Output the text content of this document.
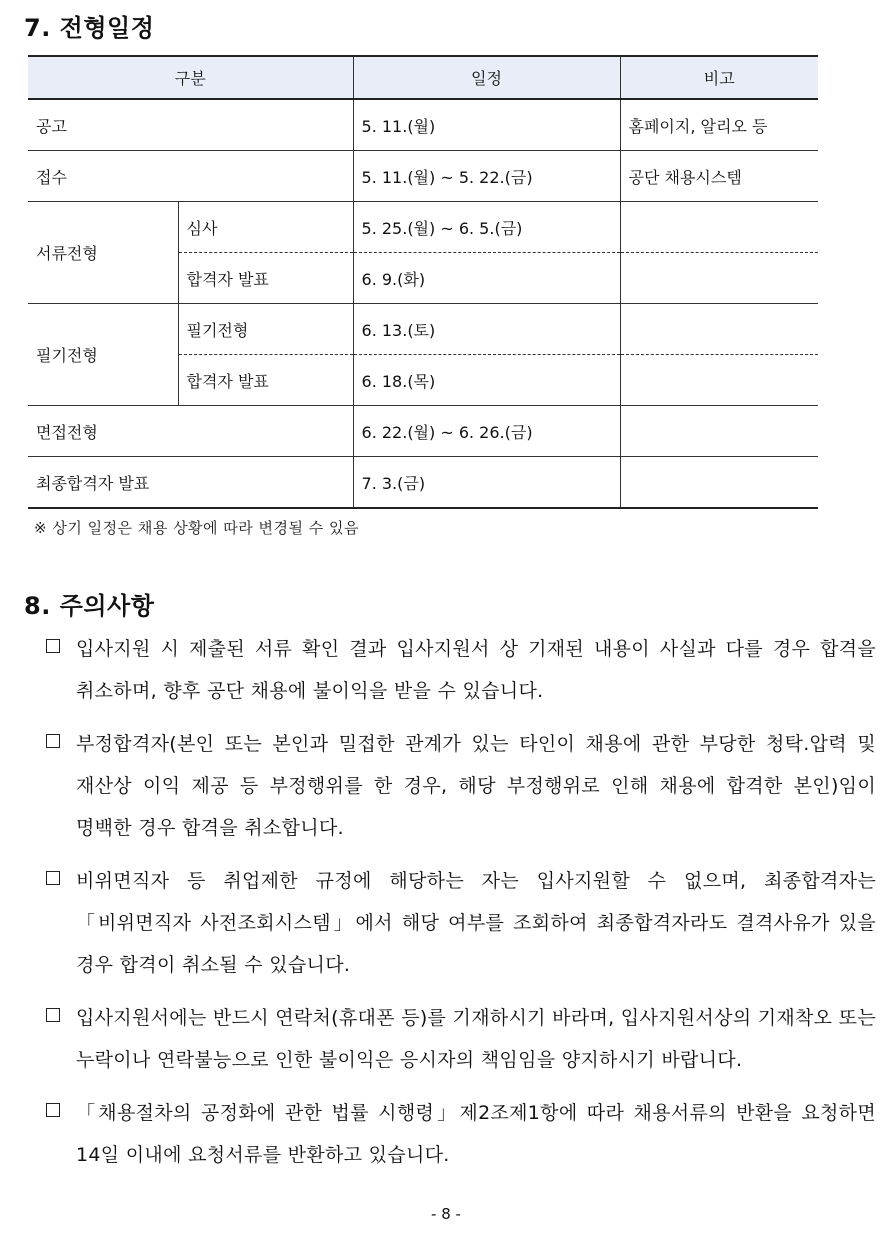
7. 전형일정
구분		일정	비고
공고		5. 11.(월)	홈페이지, 알리오 등
접수		5. 11.(월) ~ 5. 22.(금)	공단 채용시스템
서류전형	심사	5. 25.(월) ~ 6. 5.(금)	
	합격자 발표	6. 9.(화)	
필기전형	필기전형	6. 13.(토)	
	합격자 발표	6. 18.(목)	
면접전형		6. 22.(월) ~ 6. 26.(금)	
최종합격자 발표		7. 3.(금)	
※ 상기 일정은 채용 상황에 따라 변경될 수 있음
8. 주의사항
입사지원 시 제출된 서류 확인 결과 입사지원서 상 기재된 내용이 사실과 다를 경우 합격을 취소하며, 향후 공단 채용에 불이익을 받을 수 있습니다.
부정합격자(본인 또는 본인과 밀접한 관계가 있는 타인이 채용에 관한 부당한 청탁.압력 및 재산상 이익 제공 등 부정행위를 한 경우, 해당 부정행위로 인해 채용에 합격한 본인)임이 명백한 경우 합격을 취소합니다.
비위면직자 등 취업제한 규정에 해당하는 자는 입사지원할 수 없으며, 최종합격자는 「비위면직자 사전조회시스템」에서 해당 여부를 조회하여 최종합격자라도 결격사유가 있을 경우 합격이 취소될 수 있습니다.
입사지원서에는 반드시 연락처(휴대폰 등)를 기재하시기 바라며, 입사지원서상의 기재착오 또는 누락이나 연락불능으로 인한 불이익은 응시자의 책임임을 양지하시기 바랍니다.
「채용절차의 공정화에 관한 법률 시행령」제2조제1항에 따라 채용서류의 반환을 요청하면 14일 이내에 요청서류를 반환하고 있습니다.
- 8 -
